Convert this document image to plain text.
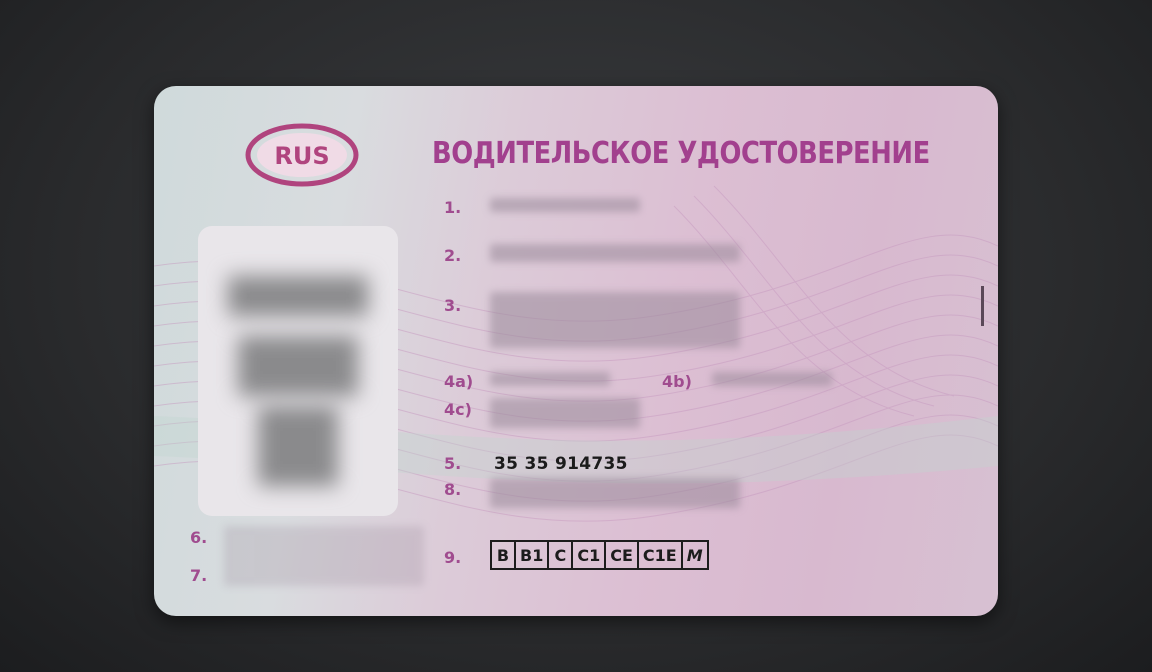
RUS	ВОДИТЕЛЬСКОЕ УДОСТОВЕРЕНИЕ
1.
2.
3.
4a)	4b)
4c)
5. 35 35 914735
8.
6.
7.
9.	B B1 C C1 CE C1E M
